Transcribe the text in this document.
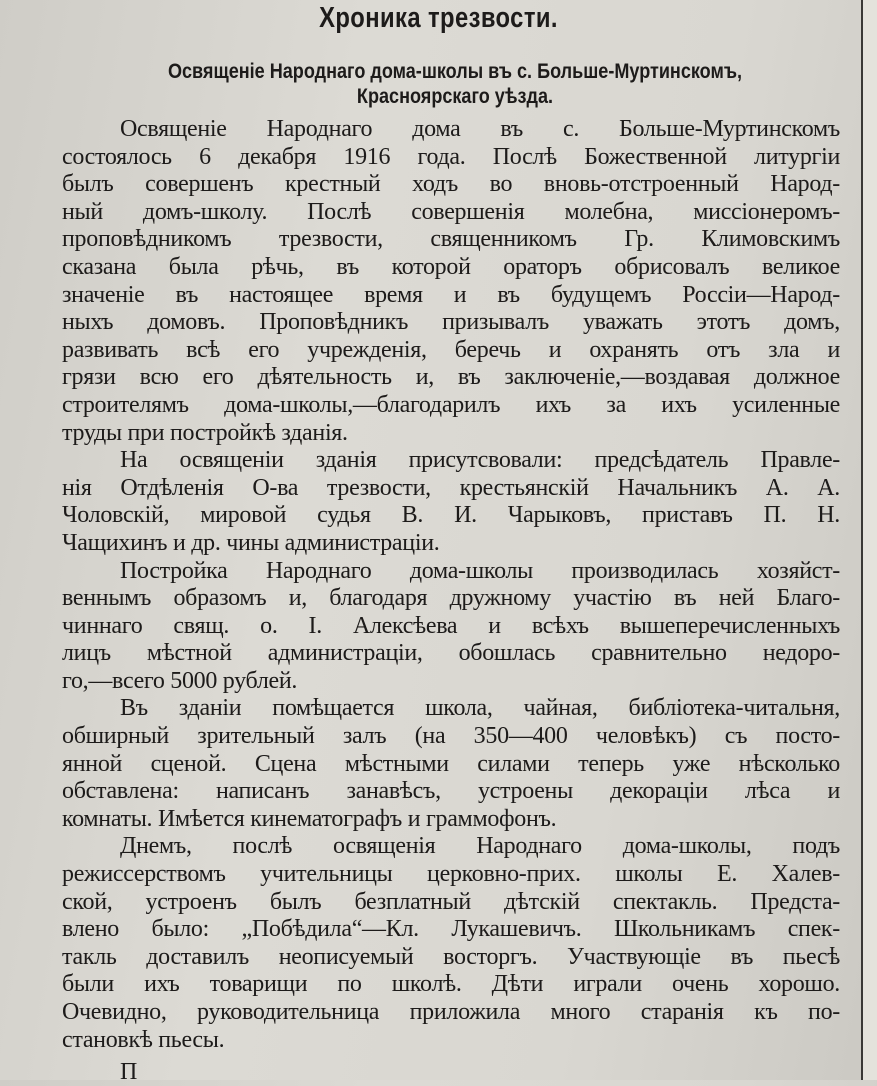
Хроника трезвости.
Освященіе Народнаго дома-школы въ с. Больше-Муртинскомъ,
Красноярскаго уѣзда.
Освященіе Народнаго дома въ с. Больше-Муртинскомъ
состоялось 6 декабря 1916 года. Послѣ Божественной литургіи
былъ совершенъ крестный ходъ во вновь-отстроенный Народ-
ный домъ-школу. Послѣ совершенія молебна, миссіонеромъ-
проповѣдникомъ трезвости, священникомъ Гр. Климовскимъ
сказана была рѣчь, въ которой ораторъ обрисовалъ великое
значеніе въ настоящее время и въ будущемъ Россіи—Народ-
ныхъ домовъ. Проповѣдникъ призывалъ уважать этотъ домъ,
развивать всѣ его учрежденія, беречь и охранять отъ зла и
грязи всю его дѣятельность и, въ заключеніе,—воздавая должное
строителямъ дома-школы,—благодарилъ ихъ за ихъ усиленные
труды при постройкѣ зданія.
На освященіи зданія присутсвовали: предсѣдатель Правле-
нія Отдѣленія О-ва трезвости, крестьянскій Начальникъ А. А.
Чоловскій, мировой судья В. И. Чарыковъ, приставъ П. Н.
Чащихинъ и др. чины администраціи.
Постройка Народнаго дома-школы производилась хозяйст-
веннымъ образомъ и, благодаря дружному участію въ ней Благо-
чиннаго свящ. о. І. Алексѣева и всѣхъ вышеперечисленныхъ
лицъ мѣстной администраціи, обошлась сравнительно недоро-
го,—всего 5000 рублей.
Въ зданіи помѣщается школа, чайная, библіотека-читальня,
обширный зрительный залъ (на 350—400 человѣкъ) съ посто-
янной сценой. Сцена мѣстными силами теперь уже нѣсколько
обставлена: написанъ занавѣсъ, устроены декораціи лѣса и
комнаты. Имѣется кинематографъ и граммофонъ.
Днемъ, послѣ освященія Народнаго дома-школы, подъ
режиссерствомъ учительницы церковно-прих. школы Е. Халев-
ской, устроенъ былъ безплатный дѣтскій спектакль. Предста-
влено было: „Побѣдила“—Кл. Лукашевичъ. Школьникамъ спек-
такль доставилъ неописуемый восторгъ. Участвующіе въ пьесѣ
были ихъ товарищи по школѣ. Дѣти играли очень хорошо.
Очевидно, руководительница приложила много старанія къ по-
становкѣ пьесы.
П
